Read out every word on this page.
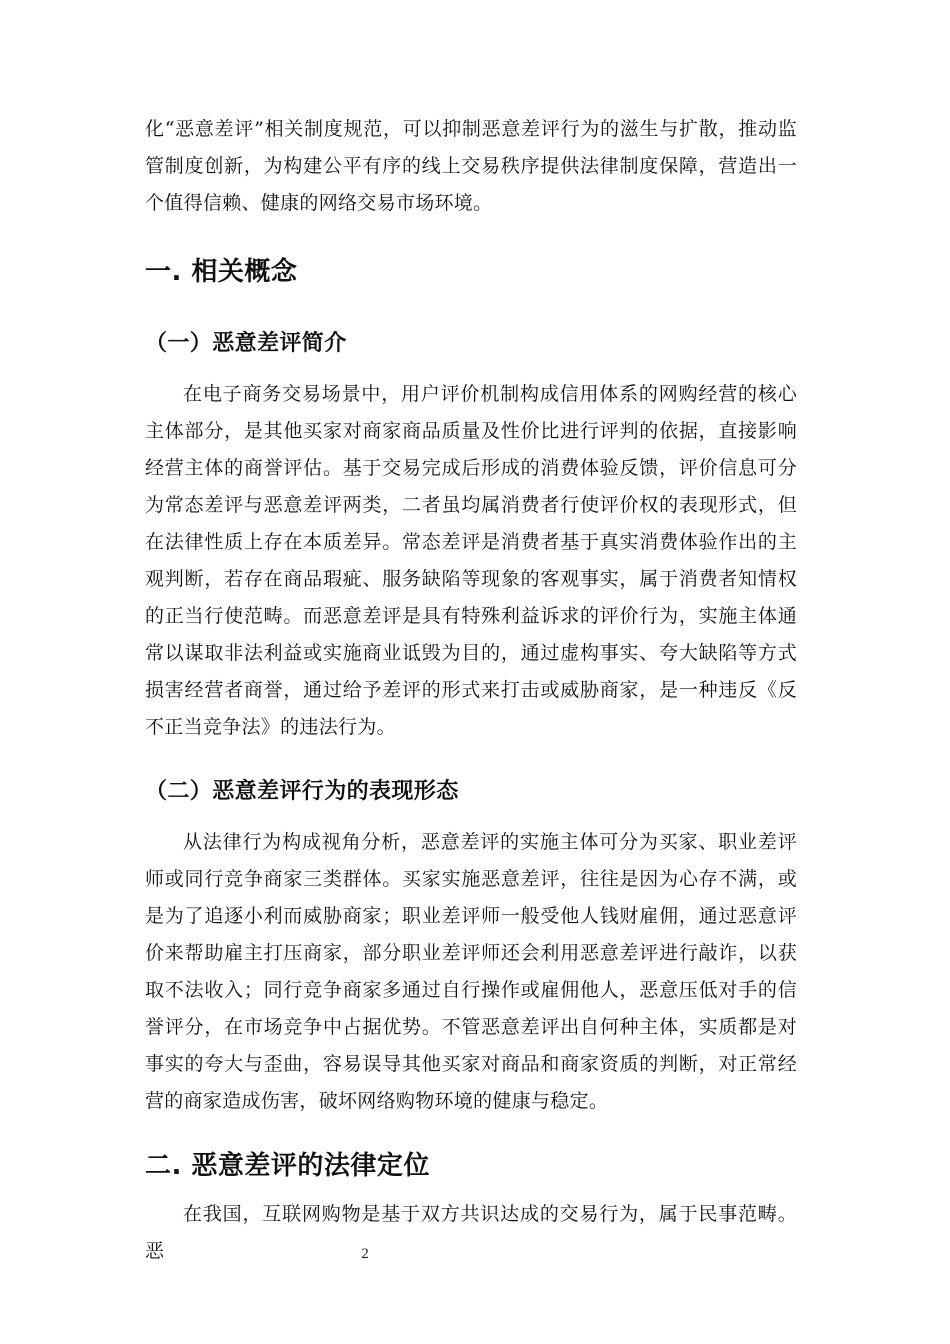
化“恶意差评”相关制度规范，可以抑制恶意差评行为的滋生与扩散，推动监管制度创新，为构建公平有序的线上交易秩序提供法律制度保障，营造出一个值得信赖、健康的网络交易市场环境。

一. 相关概念
（一）恶意差评简介

在电子商务交易场景中，用户评价机制构成信用体系的网购经营的核心主体部分，是其他买家对商家商品质量及性价比进行评判的依据，直接影响经营主体的商誉评估。基于交易完成后形成的消费体验反馈，评价信息可分为常态差评与恶意差评两类，二者虽均属消费者行使评价权的表现形式，但在法律性质上存在本质差异。常态差评是消费者基于真实消费体验作出的主观判断，若存在商品瑕疵、服务缺陷等现象的客观事实，属于消费者知情权的正当行使范畴。而恶意差评是具有特殊利益诉求的评价行为，实施主体通常以谋取非法利益或实施商业诋毁为目的，通过虚构事实、夸大缺陷等方式损害经营者商誉，通过给予差评的形式来打击或威胁商家，是一种违反《反不正当竞争法》的违法行为。

（二）恶意差评行为的表现形态

从法律行为构成视角分析，恶意差评的实施主体可分为买家、职业差评师或同行竞争商家三类群体。买家实施恶意差评，往往是因为心存不满，或是为了追逐小利而威胁商家；职业差评师一般受他人钱财雇佣，通过恶意评价来帮助雇主打压商家，部分职业差评师还会利用恶意差评进行敲诈，以获取不法收入；同行竞争商家多通过自行操作或雇佣他人，恶意压低对手的信誉评分，在市场竞争中占据优势。不管恶意差评出自何种主体，实质都是对事实的夸大与歪曲，容易误导其他买家对商品和商家资质的判断，对正常经营的商家造成伤害，破坏网络购物环境的健康与稳定。

二. 恶意差评的法律定位

在我国，互联网购物是基于双方共识达成的交易行为，属于民事范畴。恶	2
